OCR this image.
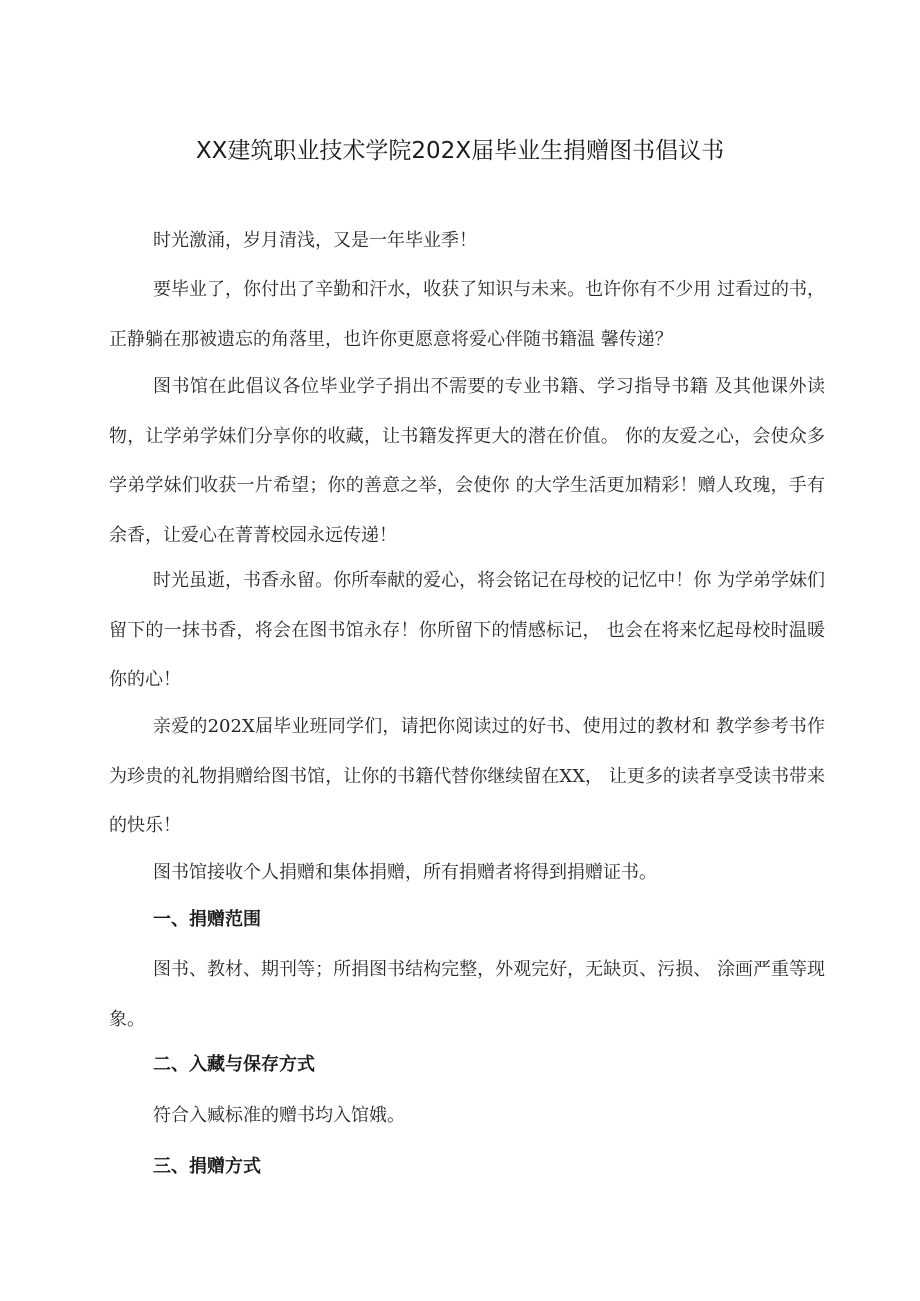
XX建筑职业技术学院202X届毕业生捐赠图书倡议书
时光激涌，岁月清浅，又是一年毕业季！
要毕业了，你付出了辛勤和汗水，收获了知识与未来。也许你有不少用 过看过的书，正静躺在那被遗忘的角落里，也许你更愿意将爱心伴随书籍温 馨传递？
图书馆在此倡议各位毕业学子捐出不需要的专业书籍、学习指导书籍 及其他课外读物，让学弟学妹们分享你的收藏，让书籍发挥更大的潜在价值。 你的友爱之心，会使众多学弟学妹们收获一片希望；你的善意之举，会使你 的大学生活更加精彩！赠人玫瑰，手有余香，让爱心在菁菁校园永远传递！
时光虽逝，书香永留。你所奉献的爱心，将会铭记在母校的记忆中！你 为学弟学妹们留下的一抹书香，将会在图书馆永存！你所留下的情感标记， 也会在将来忆起母校时温暖你的心！
亲爱的202X届毕业班同学们，请把你阅读过的好书、使用过的教材和 教学参考书作为珍贵的礼物捐赠给图书馆，让你的书籍代替你继续留在XX， 让更多的读者享受读书带来的快乐！
图书馆接收个人捐赠和集体捐赠，所有捐赠者将得到捐赠证书。
一、捐赠范围
图书、教材、期刊等；所捐图书结构完整，外观完好，无缺页、污损、 涂画严重等现象。
二、入藏与保存方式
符合入臧标准的赠书均入馆娥。
三、捐赠方式
